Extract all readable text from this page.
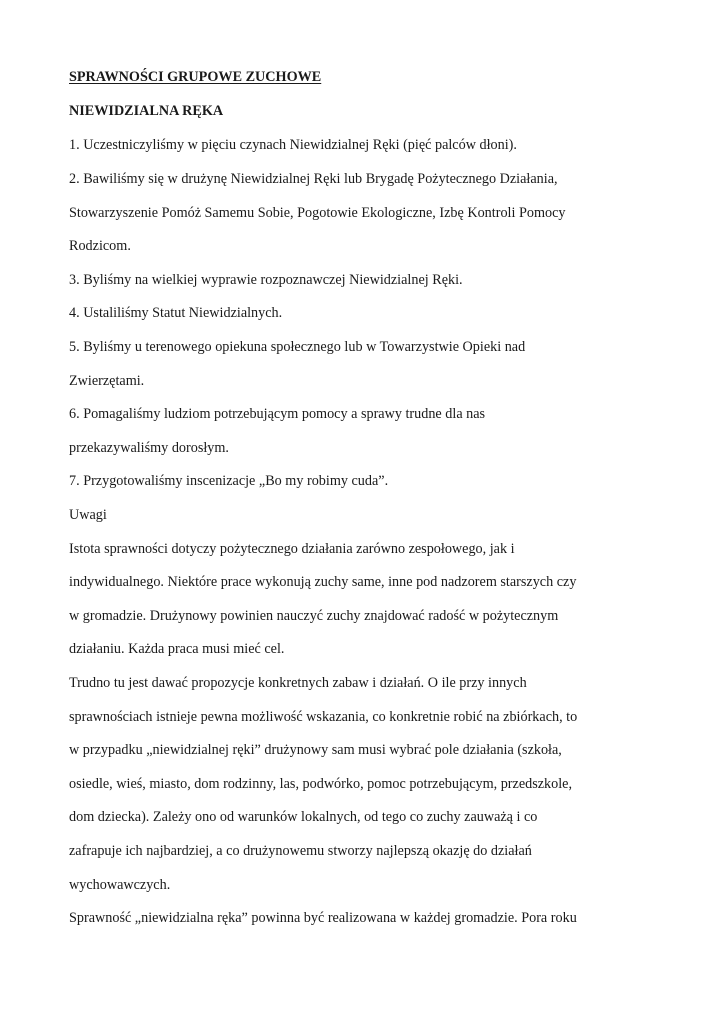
SPRAWNOŚCI GRUPOWE ZUCHOWE
NIEWIDZIALNA RĘKA
1. Uczestniczyliśmy w pięciu czynach Niewidzialnej Ręki (pięć palców dłoni).
2. Bawiliśmy się w drużynę Niewidzialnej Ręki lub Brygadę Pożytecznego Działania,
Stowarzyszenie Pomóż Samemu Sobie, Pogotowie Ekologiczne, Izbę Kontroli Pomocy
Rodzicom.
3. Byliśmy na wielkiej wyprawie rozpoznawczej Niewidzialnej Ręki.
4. Ustaliliśmy Statut Niewidzialnych.
5. Byliśmy u terenowego opiekuna społecznego lub w Towarzystwie Opieki nad
Zwierzętami.
6. Pomagaliśmy ludziom potrzebującym pomocy a sprawy trudne dla nas
przekazywaliśmy dorosłym.
7. Przygotowaliśmy inscenizacje „Bo my robimy cuda”.
Uwagi
Istota sprawności dotyczy pożytecznego działania zarówno zespołowego, jak i
indywidualnego. Niektóre prace wykonują zuchy same, inne pod nadzorem starszych czy
w gromadzie. Drużynowy powinien nauczyć zuchy znajdować radość w pożytecznym
działaniu. Każda praca musi mieć cel.
Trudno tu jest dawać propozycje konkretnych zabaw i działań. O ile przy innych
sprawnościach istnieje pewna możliwość wskazania, co konkretnie robić na zbiórkach, to
w przypadku „niewidzialnej ręki” drużynowy sam musi wybrać pole działania (szkoła,
osiedle, wieś, miasto, dom rodzinny, las, podwórko, pomoc potrzebującym, przedszkole,
dom dziecka). Zależy ono od warunków lokalnych, od tego co zuchy zauważą i co
zafrapuje ich najbardziej, a co drużynowemu stworzy najlepszą okazję do działań
wychowawczych.
Sprawność „niewidzialna ręka” powinna być realizowana w każdej gromadzie. Pora roku
